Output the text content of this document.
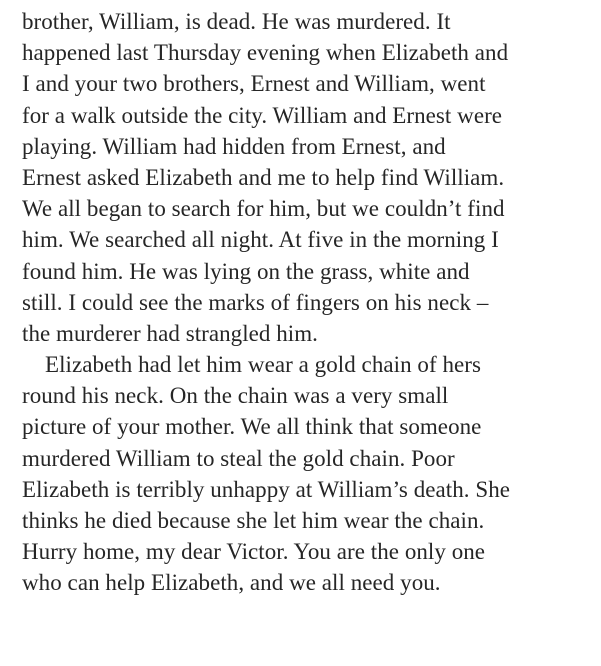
brother, William, is dead. He was murdered. It
happened last Thursday evening when Elizabeth and
I and your two brothers, Ernest and William, went
for a walk outside the city. William and Ernest were
playing. William had hidden from Ernest, and
Ernest asked Elizabeth and me to help find William.
We all began to search for him, but we couldn’t find
him. We searched all night. At five in the morning I
found him. He was lying on the grass, white and
still. I could see the marks of fingers on his neck –
the murderer had strangled him.
Elizabeth had let him wear a gold chain of hers
round his neck. On the chain was a very small
picture of your mother. We all think that someone
murdered William to steal the gold chain. Poor
Elizabeth is terribly unhappy at William’s death. She
thinks he died because she let him wear the chain.
Hurry home, my dear Victor. You are the only one
who can help Elizabeth, and we all need you.
